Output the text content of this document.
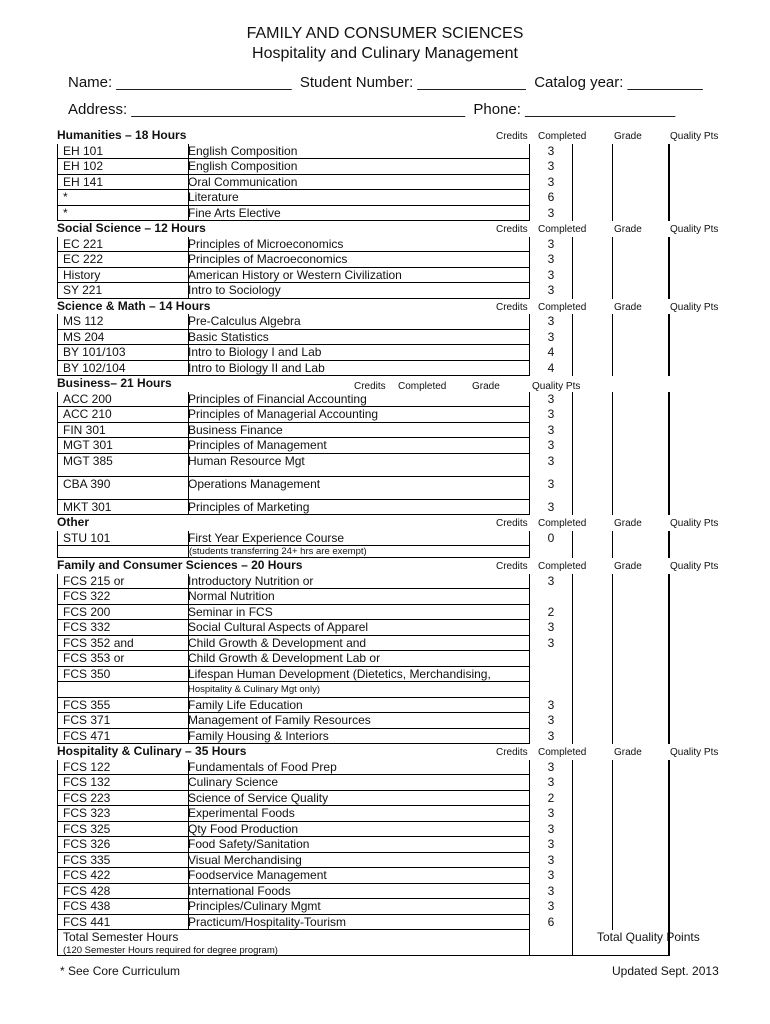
FAMILY AND CONSUMER SCIENCES
Hospitality and Culinary Management
Name: _____________________  Student Number: _____________  Catalog year: _________
Address: ________________________________________  Phone: __________________
Humanities – 18 Hours	Credits Completed	Grade	Quality Pts
EH 101	English Composition	3
EH 102	English Composition	3
EH 141	Oral Communication	3
*	Literature	6
*	Fine Arts Elective	3
Social Science – 12 Hours	Credits Completed	Grade	Quality Pts
EC 221	Principles of Microeconomics	3
EC 222	Principles of Macroeconomics	3
History	American History or Western Civilization	3
SY 221	Intro to Sociology	3
Science & Math – 14 Hours	Credits Completed	Grade	Quality Pts
MS 112	Pre-Calculus Algebra	3
MS 204	Basic Statistics	3
BY 101/103	Intro to Biology I and Lab	4
BY 102/104	Intro to Biology II and Lab	4
Business– 21 Hours	Credits Completed	Grade	Quality Pts
ACC 200	Principles of Financial Accounting	3
ACC 210	Principles of Managerial Accounting	3
FIN 301	Business Finance	3
MGT 301	Principles of Management	3
MGT 385	Human Resource Mgt	3
CBA 390	Operations Management	3
MKT 301	Principles of Marketing	3
Other	Credits Completed	Grade	Quality Pts
STU 101	First Year Experience Course	0
(students transferring 24+ hrs are exempt)
Family and Consumer Sciences – 20 Hours	Credits Completed	Grade	Quality Pts
FCS 215 or	Introductory Nutrition or	3
FCS 322	Normal Nutrition
FCS 200	Seminar in FCS	2
FCS 332	Social Cultural Aspects of Apparel	3
FCS 352 and	Child Growth & Development and	3
FCS 353 or	Child Growth & Development Lab or
FCS 350	Lifespan Human Development (Dietetics, Merchandising,
Hospitality & Culinary Mgt only)
FCS 355	Family Life Education	3
FCS 371	Management of Family Resources	3
FCS 471	Family Housing & Interiors	3
Hospitality & Culinary – 35 Hours	Credits Completed	Grade	Quality Pts
FCS 122	Fundamentals of Food Prep	3
FCS 132	Culinary Science	3
FCS 223	Science of Service Quality	2
FCS 323	Experimental Foods	3
FCS 325	Qty Food Production	3
FCS 326	Food Safety/Sanitation	3
FCS 335	Visual Merchandising	3
FCS 422	Foodservice Management	3
FCS 428	International Foods	3
FCS 438	Principles/Culinary Mgmt	3
FCS 441	Practicum/Hospitality-Tourism	6
Total Semester Hours
(120 Semester Hours required for degree program)
Total Quality Points
* See Core Curriculum	Updated Sept. 2013
